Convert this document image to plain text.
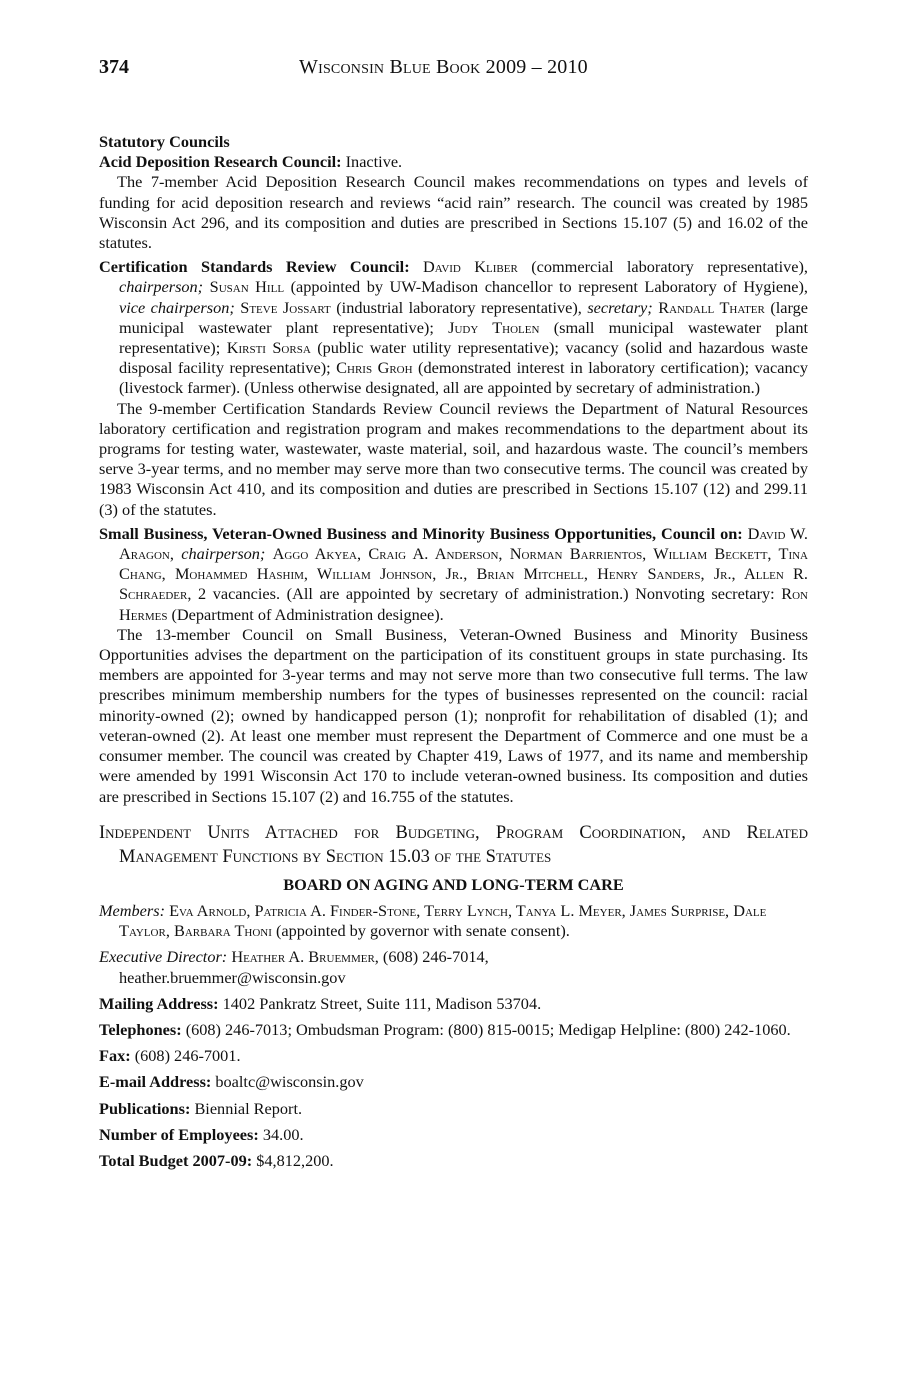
374	Wisconsin Blue Book 2009 – 2010

Statutory Councils

Acid Deposition Research Council: Inactive.

The 7-member Acid Deposition Research Council makes recommendations on types and levels of funding for acid deposition research and reviews “acid rain” research. The council was created by 1985 Wisconsin Act 296, and its composition and duties are prescribed in Sections 15.107 (5) and 16.02 of the statutes.

Certification Standards Review Council: David Kliber (commercial laboratory representative), chairperson; Susan Hill (appointed by UW-Madison chancellor to represent Laboratory of Hygiene), vice chairperson; Steve Jossart (industrial laboratory representative), secretary; Randall Thater (large municipal wastewater plant representative); Judy Tholen (small municipal wastewater plant representative); Kirsti Sorsa (public water utility representative); vacancy (solid and hazardous waste disposal facility representative); Chris Groh (demonstrated interest in laboratory certification); vacancy (livestock farmer). (Unless otherwise designated, all are appointed by secretary of administration.)

The 9-member Certification Standards Review Council reviews the Department of Natural Resources laboratory certification and registration program and makes recommendations to the department about its programs for testing water, wastewater, waste material, soil, and hazardous waste. The council’s members serve 3-year terms, and no member may serve more than two consecutive terms. The council was created by 1983 Wisconsin Act 410, and its composition and duties are prescribed in Sections 15.107 (12) and 299.11 (3) of the statutes.

Small Business, Veteran-Owned Business and Minority Business Opportunities, Council on: David W. Aragon, chairperson; Aggo Akyea, Craig A. Anderson, Norman Barrientos, William Beckett, Tina Chang, Mohammed Hashim, William Johnson, Jr., Brian Mitchell, Henry Sanders, Jr., Allen R. Schraeder, 2 vacancies. (All are appointed by secretary of administration.) Nonvoting secretary: Ron Hermes (Department of Administration designee).

The 13-member Council on Small Business, Veteran-Owned Business and Minority Business Opportunities advises the department on the participation of its constituent groups in state purchasing. Its members are appointed for 3-year terms and may not serve more than two consecutive full terms. The law prescribes minimum membership numbers for the types of businesses represented on the council: racial minority-owned (2); owned by handicapped person (1); nonprofit for rehabilitation of disabled (1); and veteran-owned (2). At least one member must represent the Department of Commerce and one must be a consumer member. The council was created by Chapter 419, Laws of 1977, and its name and membership were amended by 1991 Wisconsin Act 170 to include veteran-owned business. Its composition and duties are prescribed in Sections 15.107 (2) and 16.755 of the statutes.

Independent Units Attached for Budgeting, Program Coordination, and Related Management Functions by Section 15.03 of the Statutes

BOARD ON AGING AND LONG-TERM CARE

Members: Eva Arnold, Patricia A. Finder-Stone, Terry Lynch, Tanya L. Meyer, James Surprise, Dale Taylor, Barbara Thoni (appointed by governor with senate consent).

Executive Director: Heather A. Bruemmer, (608) 246-7014,
heather.bruemmer@wisconsin.gov

Mailing Address: 1402 Pankratz Street, Suite 111, Madison 53704.

Telephones: (608) 246-7013; Ombudsman Program: (800) 815-0015; Medigap Helpline: (800) 242-1060.

Fax: (608) 246-7001.

E-mail Address: boaltc@wisconsin.gov

Publications: Biennial Report.

Number of Employees: 34.00.

Total Budget 2007-09: $4,812,200.
